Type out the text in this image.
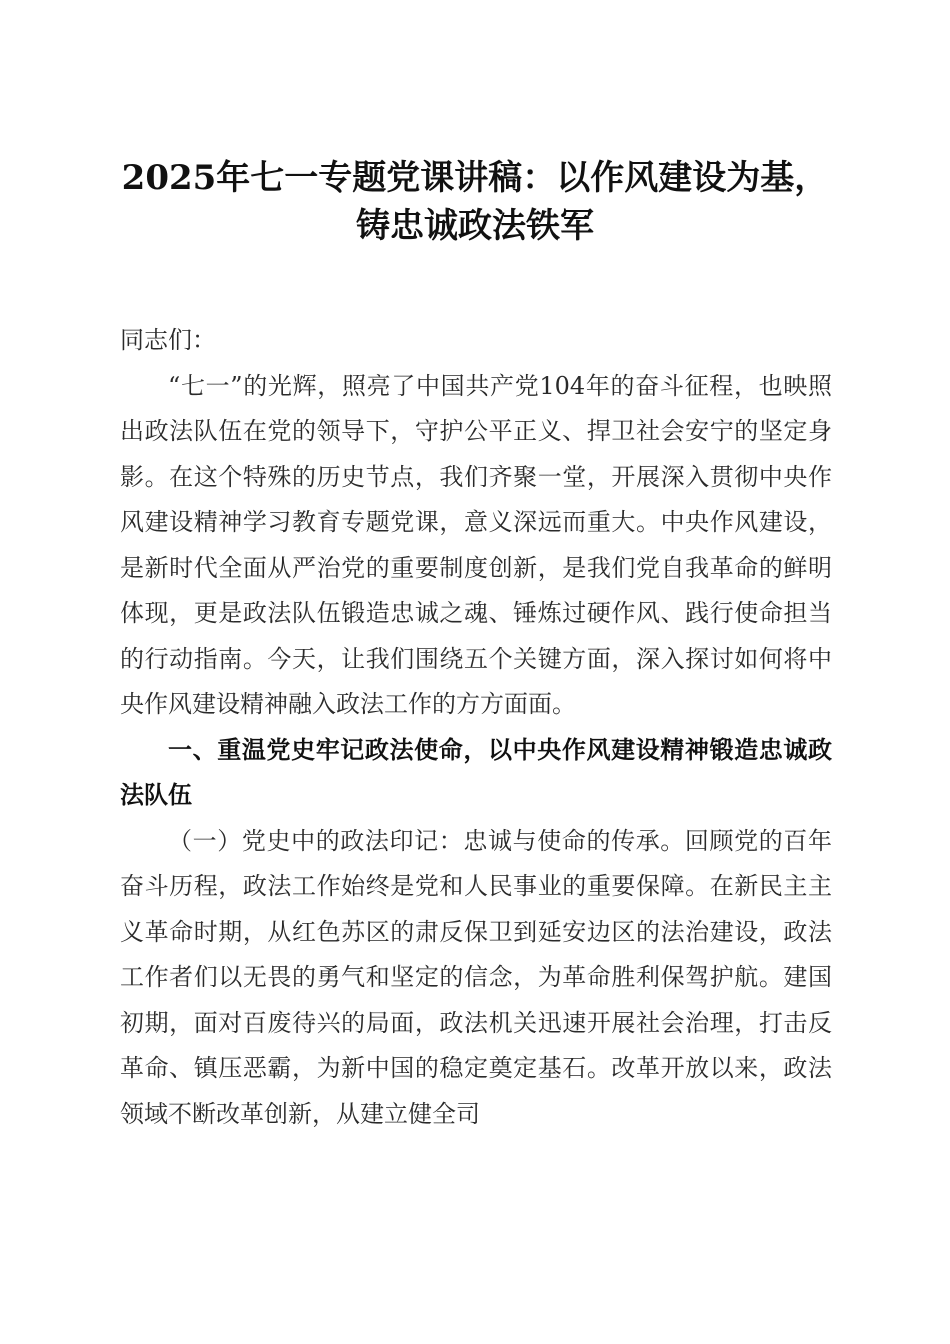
2025年七一专题党课讲稿：以作风建设为基，
铸忠诚政法铁军

同志们：

“七一”的光辉，照亮了中国共产党104年的奋斗征程，也映照出政法队伍在党的领导下，守护公平正义、捍卫社会安宁的坚定身影。在这个特殊的历史节点，我们齐聚一堂，开展深入贯彻中央作风建设精神学习教育专题党课，意义深远而重大。中央作风建设，是新时代全面从严治党的重要制度创新，是我们党自我革命的鲜明体现，更是政法队伍锻造忠诚之魂、锤炼过硬作风、践行使命担当的行动指南。今天，让我们围绕五个关键方面，深入探讨如何将中央作风建设精神融入政法工作的方方面面。

一、重温党史牢记政法使命，以中央作风建设精神锻造忠诚政法队伍

（一）党史中的政法印记：忠诚与使命的传承。回顾党的百年奋斗历程，政法工作始终是党和人民事业的重要保障。在新民主主义革命时期，从红色苏区的肃反保卫到延安边区的法治建设，政法工作者们以无畏的勇气和坚定的信念，为革命胜利保驾护航。建国初期，面对百废待兴的局面，政法机关迅速开展社会治理，打击反革命、镇压恶霸，为新中国的稳定奠定基石。改革开放以来，政法领域不断改革创新，从建立健全司
